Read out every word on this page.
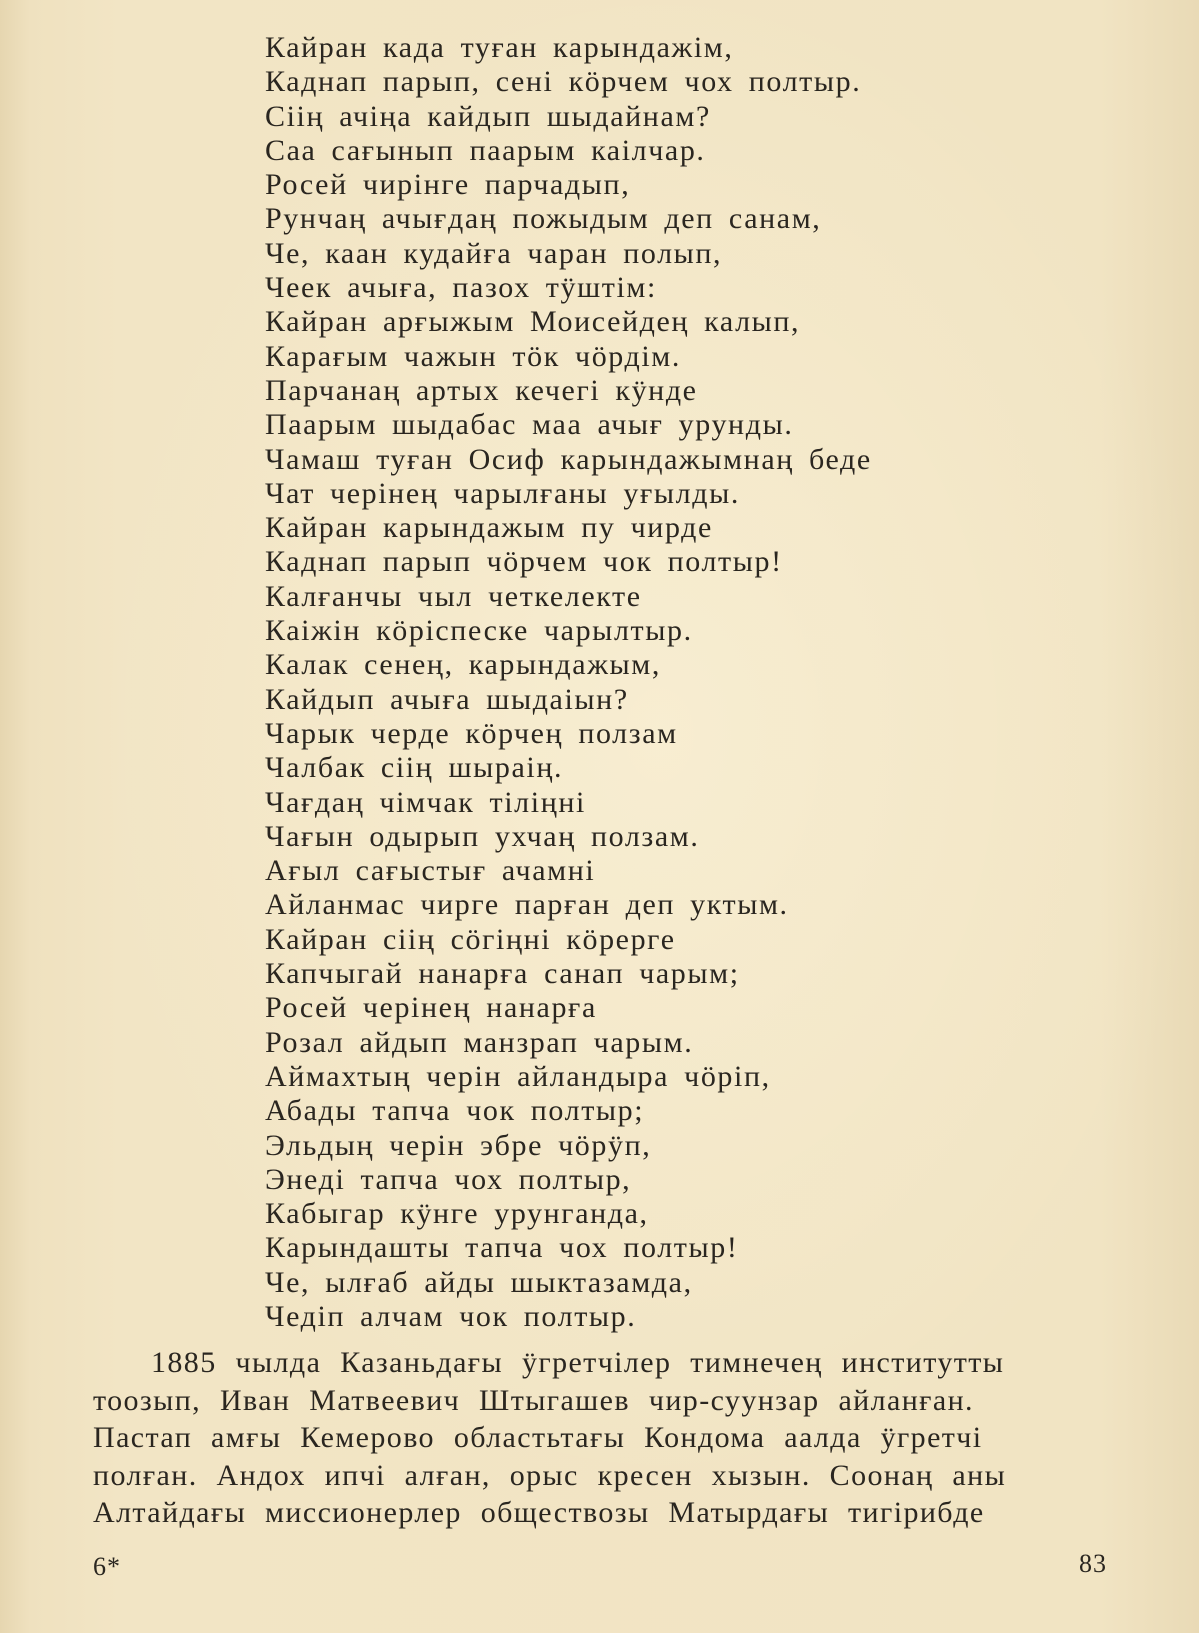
Кайран када туған карындажім,
Каднап парып, сені кӧрчем чох полтыр.
Сіің ачіңа кайдып шыдайнам?
Саа сағынып паарым каілчар.
Росей чирінге парчадып,
Рунчаң ачығдаң пожыдым деп санам,
Че, каан кудайға чаран полып,
Чеек ачыға, пазох тӱштім:
Кайран арғыжым Моисейдең калып,
Карағым чажын тӧк чӧрдім.
Парчанаң артых кечегі кӱнде
Паарым шыдабас маа ачығ урунды.
Чамаш туған Осиф карындажымнаң беде
Чат черінең чарылғаны уғылды.
Кайран карындажым пу чирде
Каднап парып чӧрчем чок полтыр!
Калғанчы чыл четкелекте
Каіжін кӧріспеске чарылтыр.
Калак сенең, карындажым,
Кайдып ачыға шыдаіын?
Чарык черде кӧрчең ползам
Чалбак сіің шыраің.
Чағдаң чімчак тіліңні
Чағын одырып ухчаң ползам.
Ағыл сағыстығ ачамні
Айланмас чирге парған деп уктым.
Кайран сіің сӧгіңні кӧрерге
Капчыгай нанарға санап чарым;
Росей черінең нанарға
Розал айдып манзрап чарым.
Аймахтың черін айландыра чӧріп,
Абады тапча чок полтыр;
Эльдың черін эбре чӧрӱп,
Энеді тапча чох полтыр,
Кабыгар кӱнге урунганда,
Карындашты тапча чох полтыр!
Че, ылғаб айды шыктазамда,
Чедіп алчам чок полтыр.
1885 чылда Казаньдағы ӱгретчілер тимнечең институтты
тоозып, Иван Матвеевич Штыгашев чир-суунзар айланған.
Пастап амғы Кемерово областьтағы Кондома аалда ӱгретчі
полған. Андох ипчі алған, орыс кресен хызын. Соонаң аны
Алтайдағы миссионерлер обществозы Матырдағы тигірибде
6*	83
